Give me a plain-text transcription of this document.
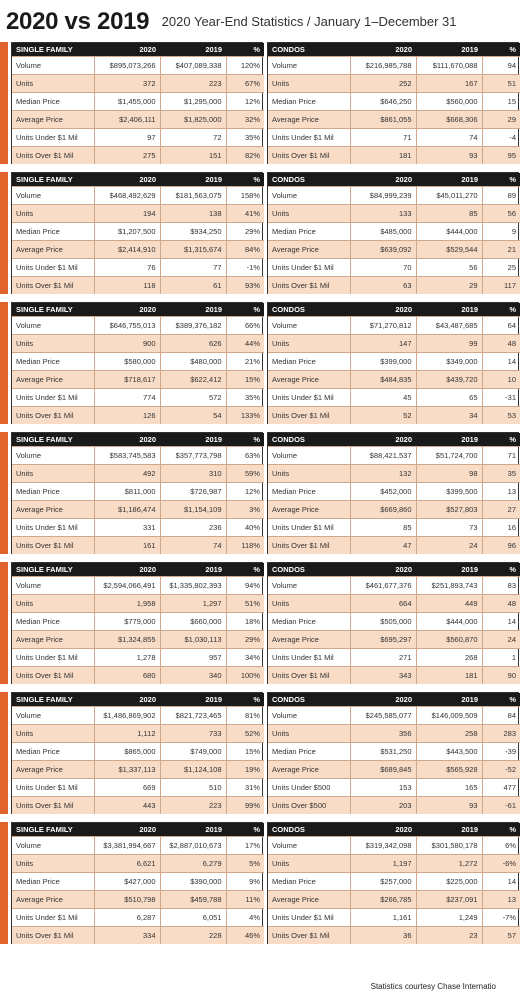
2020 vs 2019 2020 Year-End Statistics / January 1–December 31
SINGLE FAMILY	2020	2019	%
Volume	$895,073,266	$407,089,338	120%
Units	372	223	67%
Median Price	$1,455,000	$1,295,000	12%
Average Price	$2,406,111	$1,825,000	32%
Units Under $1 Mil	97	72	35%
Units Over $1 Mil	275	151	82%
CONDOS	2020	2019	%
Volume	$216,985,788	$111,670,088	94
Units	252	167	51
Median Price	$646,250	$560,000	15
Average Price	$861,055	$668,306	29
Units Under $1 Mil	71	74	-4
Units Over $1 Mil	181	93	95
SINGLE FAMILY	2020	2019	%
Volume	$468,492,629	$181,563,075	158%
Units	194	138	41%
Median Price	$1,207,500	$934,250	29%
Average Price	$2,414,910	$1,315,674	84%
Units Under $1 Mil	76	77	-1%
Units Over $1 Mil	118	61	93%
CONDOS	2020	2019	%
Volume	$84,999,239	$45,011,270	89
Units	133	85	56
Median Price	$485,000	$444,000	9
Average Price	$639,092	$529,544	21
Units Under $1 Mil	70	56	25
Units Over $1 Mil	63	29	117
SINGLE FAMILY	2020	2019	%
Volume	$646,755,013	$389,376,182	66%
Units	900	626	44%
Median Price	$580,000	$480,000	21%
Average Price	$718,617	$622,412	15%
Units Under $1 Mil	774	572	35%
Units Over $1 Mil	126	54	133%
CONDOS	2020	2019	%
Volume	$71,270,812	$43,487,685	64
Units	147	99	48
Median Price	$399,000	$349,000	14
Average Price	$484,835	$439,720	10
Units Under $1 Mil	45	65	-31
Units Over $1 Mil	52	34	53
SINGLE FAMILY	2020	2019	%
Volume	$583,745,583	$357,773,798	63%
Units	492	310	59%
Median Price	$811,000	$726,987	12%
Average Price	$1,186,474	$1,154,109	3%
Units Under $1 Mil	331	236	40%
Units Over $1 Mil	161	74	118%
CONDOS	2020	2019	%
Volume	$88,421,537	$51,724,700	71
Units	132	98	35
Median Price	$452,000	$399,500	13
Average Price	$669,860	$527,803	27
Units Under $1 Mil	85	73	16
Units Over $1 Mil	47	24	96
SINGLE FAMILY	2020	2019	%
Volume	$2,594,066,491	$1,335,802,393	94%
Units	1,958	1,297	51%
Median Price	$779,000	$660,000	18%
Average Price	$1,324,855	$1,030,113	29%
Units Under $1 Mil	1,278	957	34%
Units Over $1 Mil	680	340	100%
CONDOS	2020	2019	%
Volume	$461,677,376	$251,893,743	83
Units	664	449	48
Median Price	$505,000	$444,000	14
Average Price	$695,297	$560,870	24
Units Under $1 Mil	271	268	1
Units Over $1 Mil	343	181	90
SINGLE FAMILY	2020	2019	%
Volume	$1,486,869,902	$821,723,465	81%
Units	1,112	733	52%
Median Price	$865,000	$749,000	15%
Average Price	$1,337,113	$1,124,108	19%
Units Under $1 Mil	669	510	31%
Units Over $1 Mil	443	223	99%
CONDOS	2020	2019	%
Volume	$245,585,077	$146,009,509	84
Units	356	258	283
Median Price	$531,250	$443,500	-39
Average Price	$689,845	$565,928	-52
Units Under $500	153	165	477
Units Over $500	203	93	-61
SINGLE FAMILY	2020	2019	%
Volume	$3,381,994,667	$2,887,010,673	17%
Units	6,621	6,279	5%
Median Price	$427,000	$390,000	9%
Average Price	$510,798	$459,788	11%
Units Under $1 Mil	6,287	6,051	4%
Units Over $1 Mil	334	228	46%
CONDOS	2020	2019	%
Volume	$319,342,098	$301,580,178	6%
Units	1,197	1,272	-6%
Median Price	$257,000	$225,000	14
Average Price	$266,785	$237,091	13
Units Under $1 Mil	1,161	1,249	-7%
Units Over $1 Mil	36	23	57
Statistics courtesy Chase Internatio
